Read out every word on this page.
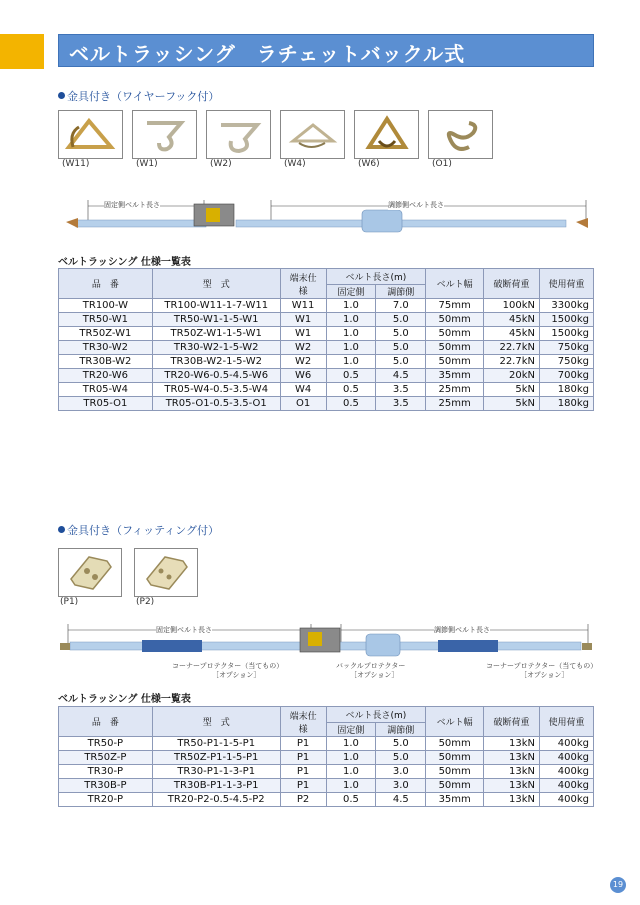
ベルトラッシング　ラチェットバックル式
金具付き（ワイヤーフック付）
(W11)	(W1)	(W2)	(W4)	(W6)	(O1)
固定側ベルト長さ	調節側ベルト長さ
ベルトラッシング 仕様一覧表
品　番	型　式	端末仕様	ベルト長さ(m)		ベルト幅	破断荷重	使用荷重
			固定側	調節側			
TR100-W	TR100-W11-1-7-W11	W11	1.0	7.0	75mm	100kN	3300kg
TR50-W1	TR50-W1-1-5-W1	W1	1.0	5.0	50mm	45kN	1500kg
TR50Z-W1	TR50Z-W1-1-5-W1	W1	1.0	5.0	50mm	45kN	1500kg
TR30-W2	TR30-W2-1-5-W2	W2	1.0	5.0	50mm	22.7kN	750kg
TR30B-W2	TR30B-W2-1-5-W2	W2	1.0	5.0	50mm	22.7kN	750kg
TR20-W6	TR20-W6-0.5-4.5-W6	W6	0.5	4.5	35mm	20kN	700kg
TR05-W4	TR05-W4-0.5-3.5-W4	W4	0.5	3.5	25mm	5kN	180kg
TR05-O1	TR05-O1-0.5-3.5-O1	O1	0.5	3.5	25mm	5kN	180kg
金具付き（フィッティング付）
(P1)	(P2)
固定側ベルト長さ	調節側ベルト長さ
コーナープロテクター（当てもの）
［オプション］
バックルプロテクター
［オプション］
コーナープロテクター（当てもの）
［オプション］
ベルトラッシング 仕様一覧表
品　番	型　式	端末仕様	ベルト長さ(m)		ベルト幅	破断荷重	使用荷重
			固定側	調節側			
TR50-P	TR50-P1-1-5-P1	P1	1.0	5.0	50mm	13kN	400kg
TR50Z-P	TR50Z-P1-1-5-P1	P1	1.0	5.0	50mm	13kN	400kg
TR30-P	TR30-P1-1-3-P1	P1	1.0	3.0	50mm	13kN	400kg
TR30B-P	TR30B-P1-1-3-P1	P1	1.0	3.0	50mm	13kN	400kg
TR20-P	TR20-P2-0.5-4.5-P2	P2	0.5	4.5	35mm	13kN	400kg
19
